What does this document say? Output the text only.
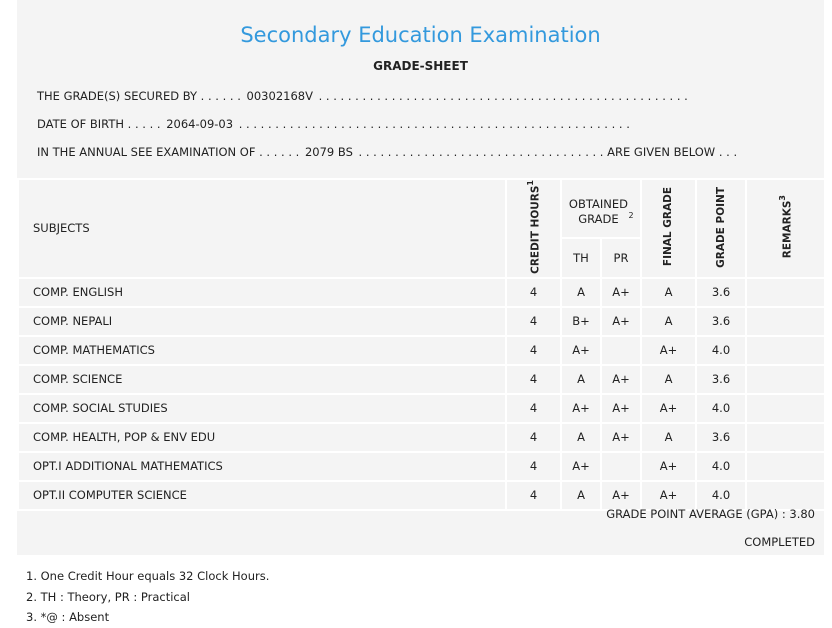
Secondary Education Examination
GRADE-SHEET
THE GRADE(S) SECURED BY . . . . . . 00302168V . . . . . . . . . . . . . . . . . . . . . . . . . . . . . . . . . . . . . . . . . . . . . . . . . . .
DATE OF BIRTH . . . . . 2064-09-03 . . . . . . . . . . . . . . . . . . . . . . . . . . . . . . . . . . . . . . . . . . . . . . . . . . . . . .
IN THE ANNUAL SEE EXAMINATION OF . . . . . . 2079 BS . . . . . . . . . . . . . . . . . . . . . . . . . . . . . . . . . . ARE GIVEN BELOW . . .
SUBJECTS	CREDIT HOURS$^1$	OBTAINED GRADE $^2$		FINAL GRADE	GRADE POINT	REMARKS$^3$
		TH	PR			
COMP. ENGLISH	4	A	A+	A	3.6	
COMP. NEPALI	4	B+	A+	A	3.6	
COMP. MATHEMATICS	4	A+		A+	4.0	
COMP. SCIENCE	4	A	A+	A	3.6	
COMP. SOCIAL STUDIES	4	A+	A+	A+	4.0	
COMP. HEALTH, POP & ENV EDU	4	A	A+	A	3.6	
OPT.I ADDITIONAL MATHEMATICS	4	A+		A+	4.0	
OPT.II COMPUTER SCIENCE	4	A	A+	A+	4.0	
GRADE POINT AVERAGE (GPA) : 3.80
COMPLETED
1. One Credit Hour equals 32 Clock Hours.
2. TH : Theory, PR : Practical
3. *@ : Absent
